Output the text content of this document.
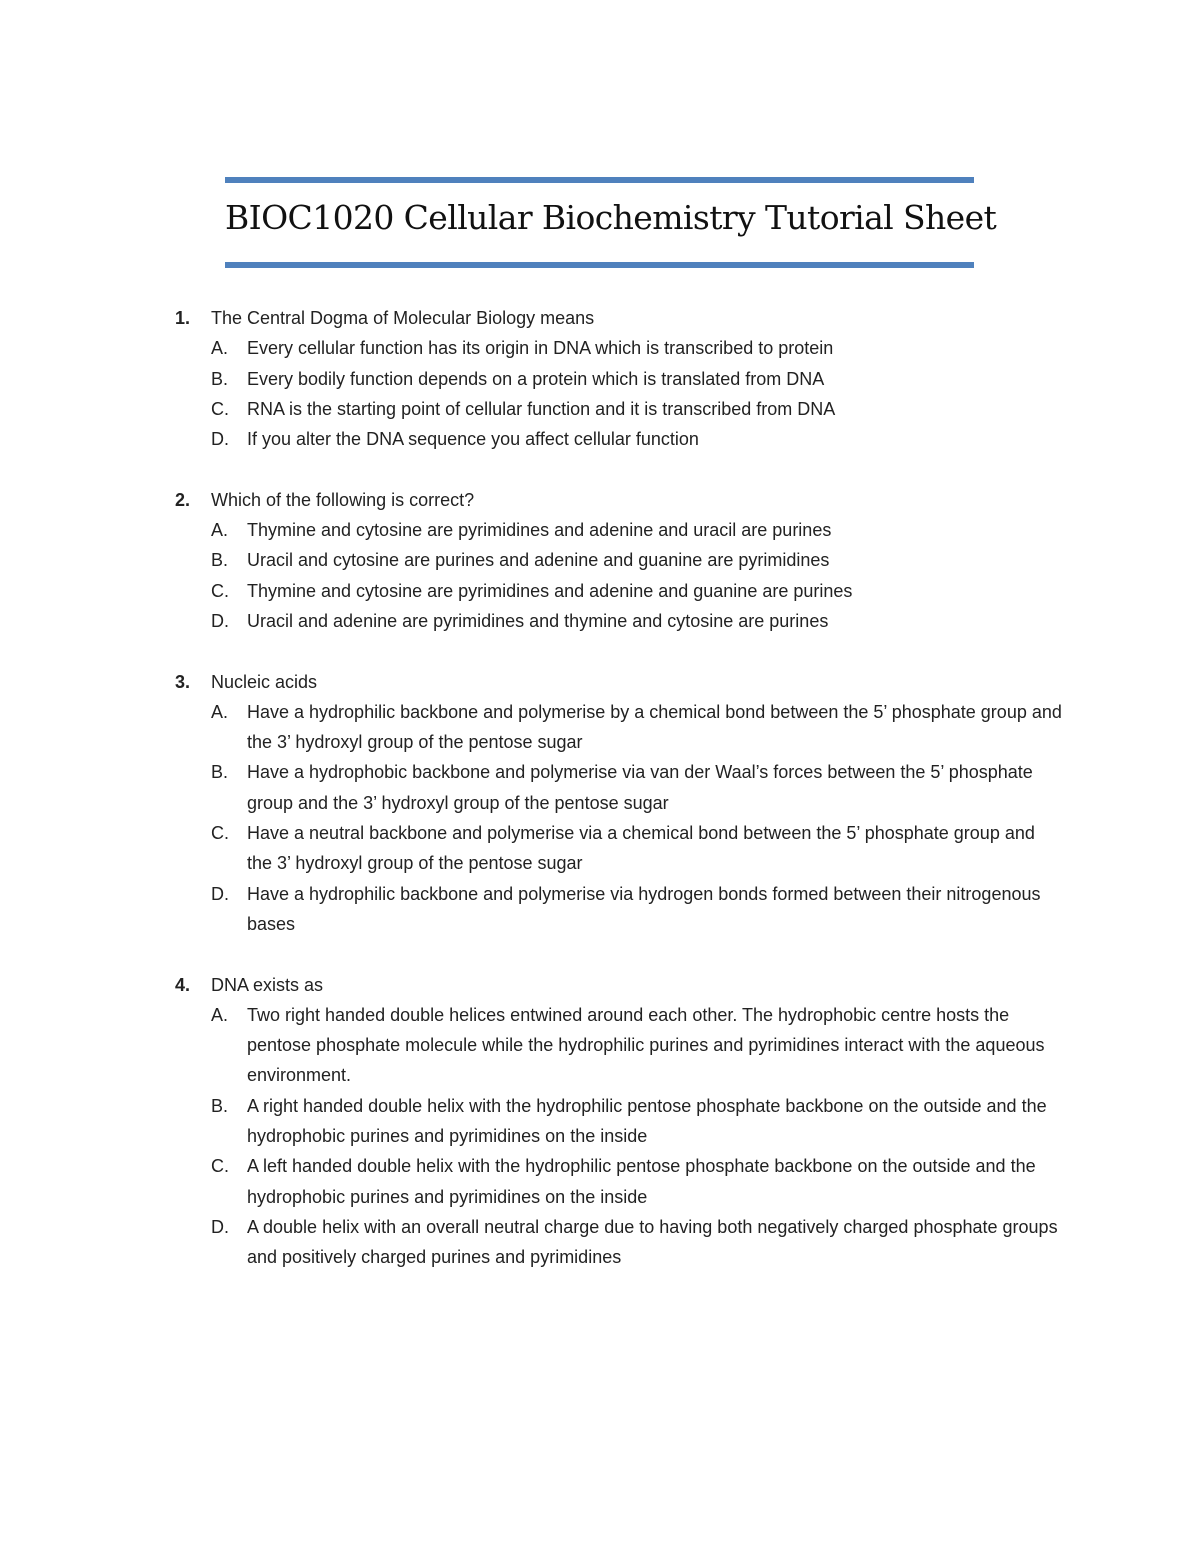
BIOC1020 Cellular Biochemistry Tutorial Sheet
1.	The Central Dogma of Molecular Biology means
A.	Every cellular function has its origin in DNA which is transcribed to protein
B.	Every bodily function depends on a protein which is translated from DNA
C.	RNA is the starting point of cellular function and it is transcribed from DNA
D.	If you alter the DNA sequence you affect cellular function
2.	Which of the following is correct?
A.	Thymine and cytosine are pyrimidines and adenine and uracil are purines
B.	Uracil and cytosine are purines and adenine and guanine are pyrimidines
C.	Thymine and cytosine are pyrimidines and adenine and guanine are purines
D.	Uracil and adenine are pyrimidines and thymine and cytosine are purines
3.	Nucleic acids
A.	Have a hydrophilic backbone and polymerise by a chemical bond between the 5’ phosphate group and the 3’ hydroxyl group of the pentose sugar
B.	Have a hydrophobic backbone and polymerise via van der Waal’s forces between the 5’ phosphate group and the 3’ hydroxyl group of the pentose sugar
C.	Have a neutral backbone and polymerise via a chemical bond between the 5’ phosphate group and the 3’ hydroxyl group of the pentose sugar
D.	Have a hydrophilic backbone and polymerise via hydrogen bonds formed between their nitrogenous bases
4.	DNA exists as
A.	Two right handed double helices entwined around each other. The hydrophobic centre hosts the pentose phosphate molecule while the hydrophilic purines and pyrimidines interact with the aqueous environment.
B.	A right handed double helix with the hydrophilic pentose phosphate backbone on the outside and the hydrophobic purines and pyrimidines on the inside
C.	A left handed double helix with the hydrophilic pentose phosphate backbone on the outside and the hydrophobic purines and pyrimidines on the inside
D.	A double helix with an overall neutral charge due to having both negatively charged phosphate groups and positively charged purines and pyrimidines
